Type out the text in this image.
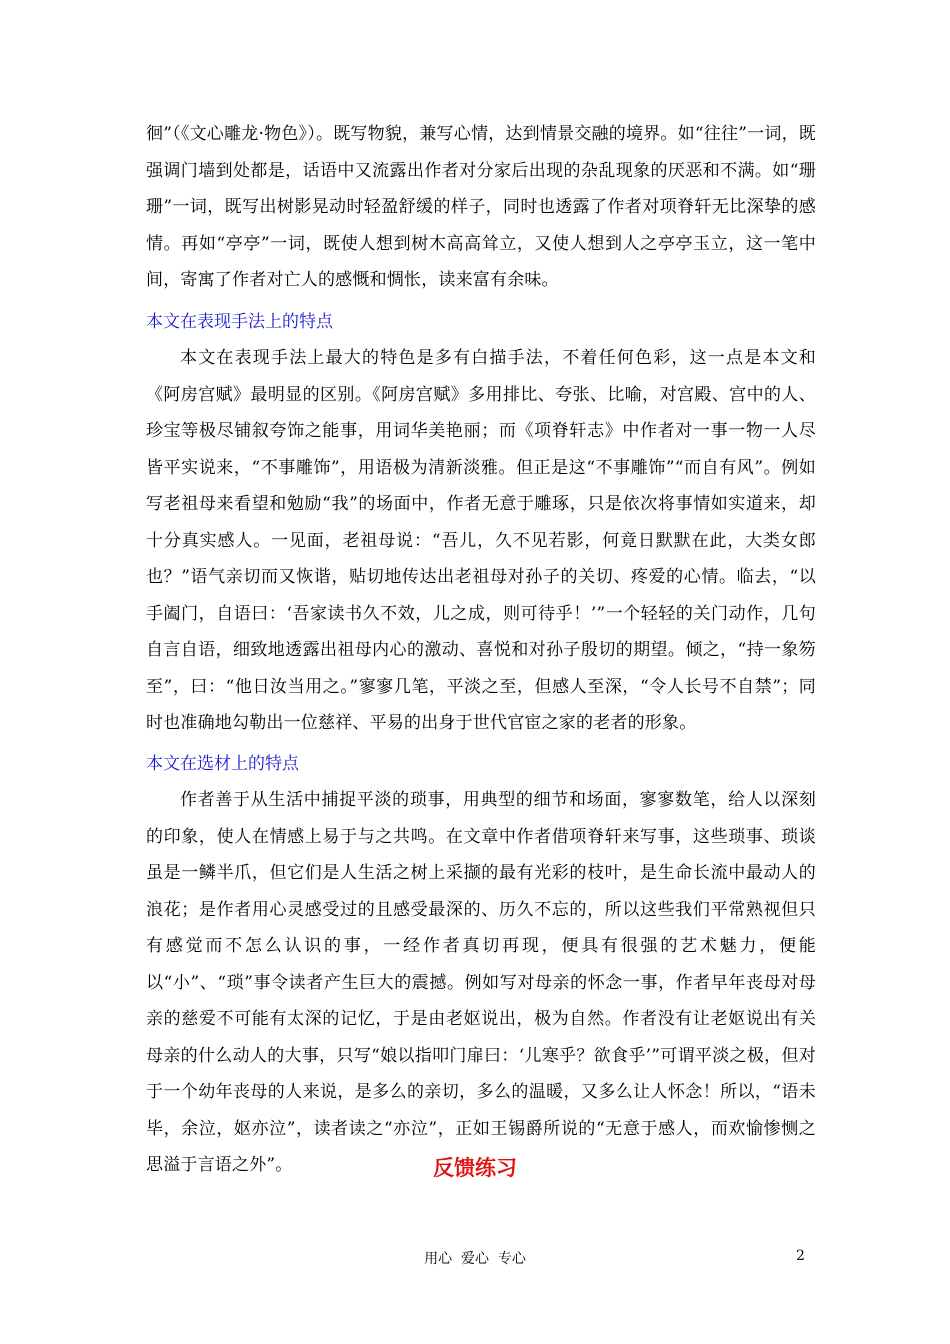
徊”（《文心雕龙·物色》）。既写物貌，兼写心情，达到情景交融的境界。如“往往”一词，既强调门墙到处都是，话语中又流露出作者对分家后出现的杂乱现象的厌恶和不满。如“珊珊”一词，既写出树影晃动时轻盈舒缓的样子，同时也透露了作者对项脊轩无比深挚的感情。再如“亭亭”一词，既使人想到树木高高耸立，又使人想到人之亭亭玉立，这一笔中间，寄寓了作者对亡人的感慨和惆怅，读来富有余味。

本文在表现手法上的特点

本文在表现手法上最大的特色是多有白描手法，不着任何色彩，这一点是本文和《阿房宫赋》最明显的区别。《阿房宫赋》多用排比、夸张、比喻，对宫殿、宫中的人、珍宝等极尽铺叙夸饰之能事，用词华美艳丽；而《项脊轩志》中作者对一事一物一人尽皆平实说来，“不事雕饰”，用语极为清新淡雅。但正是这“不事雕饰”“而自有风”。例如写老祖母来看望和勉励“我”的场面中，作者无意于雕琢，只是依次将事情如实道来，却十分真实感人。一见面，老祖母说：“吾儿，久不见若影，何竟日默默在此，大类女郎也？”语气亲切而又恢谐，贴切地传达出老祖母对孙子的关切、疼爱的心情。临去，“以手阖门，自语曰：‘吾家读书久不效，儿之成，则可待乎！’”一个轻轻的关门动作，几句自言自语，细致地透露出祖母内心的激动、喜悦和对孙子殷切的期望。倾之，“持一象笏至”，曰：“他日汝当用之。”寥寥几笔，平淡之至，但感人至深，“令人长号不自禁”；同时也准确地勾勒出一位慈祥、平易的出身于世代官宦之家的老者的形象。

本文在选材上的特点

作者善于从生活中捕捉平淡的琐事，用典型的细节和场面，寥寥数笔，给人以深刻的印象，使人在情感上易于与之共鸣。在文章中作者借项脊轩来写事，这些琐事、琐谈虽是一鳞半爪，但它们是人生活之树上采撷的最有光彩的枝叶，是生命长流中最动人的浪花；是作者用心灵感受过的且感受最深的、历久不忘的，所以这些我们平常熟视但只有感觉而不怎么认识的事，一经作者真切再现，便具有很强的艺术魅力，便能以“小”、“琐”事令读者产生巨大的震撼。例如写对母亲的怀念一事，作者早年丧母对母亲的慈爱不可能有太深的记忆，于是由老妪说出，极为自然。作者没有让老妪说出有关母亲的什么动人的大事，只写“娘以指叩门扉曰：‘儿寒乎？欲食乎’”可谓平淡之极，但对于一个幼年丧母的人来说，是多么的亲切，多么的温暖，又多么让人怀念！所以，“语未毕，余泣，妪亦泣”，读者读之“亦泣”，正如王锡爵所说的“无意于感人，而欢愉惨恻之思溢于言语之外”。	反馈练习

用心  爱心  专心	2
